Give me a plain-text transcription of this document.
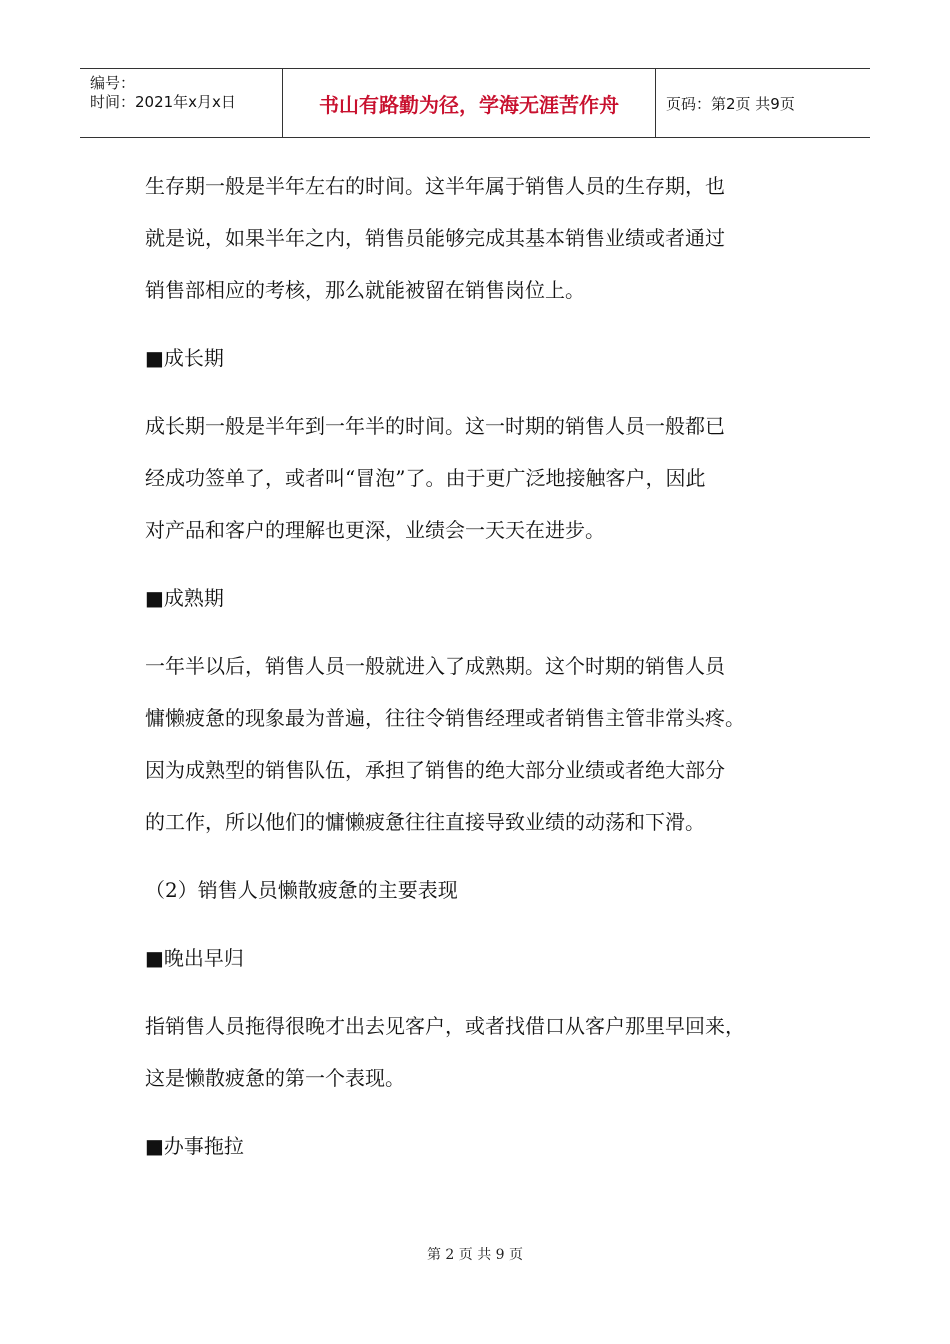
编号：
时间：2021年x月x日	书山有路勤为径，学海无涯苦作舟	页码：第2页 共9页

生存期一般是半年左右的时间。这半年属于销售人员的生存期，也
就是说，如果半年之内，销售员能够完成其基本销售业绩或者通过
销售部相应的考核，那么就能被留在销售岗位上。

■成长期

成长期一般是半年到一年半的时间。这一时期的销售人员一般都已
经成功签单了，或者叫“冒泡”了。由于更广泛地接触客户，因此
对产品和客户的理解也更深，业绩会一天天在进步。

■成熟期

一年半以后，销售人员一般就进入了成熟期。这个时期的销售人员
慵懒疲惫的现象最为普遍，往往令销售经理或者销售主管非常头疼。
因为成熟型的销售队伍，承担了销售的绝大部分业绩或者绝大部分
的工作，所以他们的慵懒疲惫往往直接导致业绩的动荡和下滑。

（2）销售人员懒散疲惫的主要表现

■晚出早归

指销售人员拖得很晚才出去见客户，或者找借口从客户那里早回来，
这是懒散疲惫的第一个表现。

■办事拖拉

第 2 页 共 9 页
